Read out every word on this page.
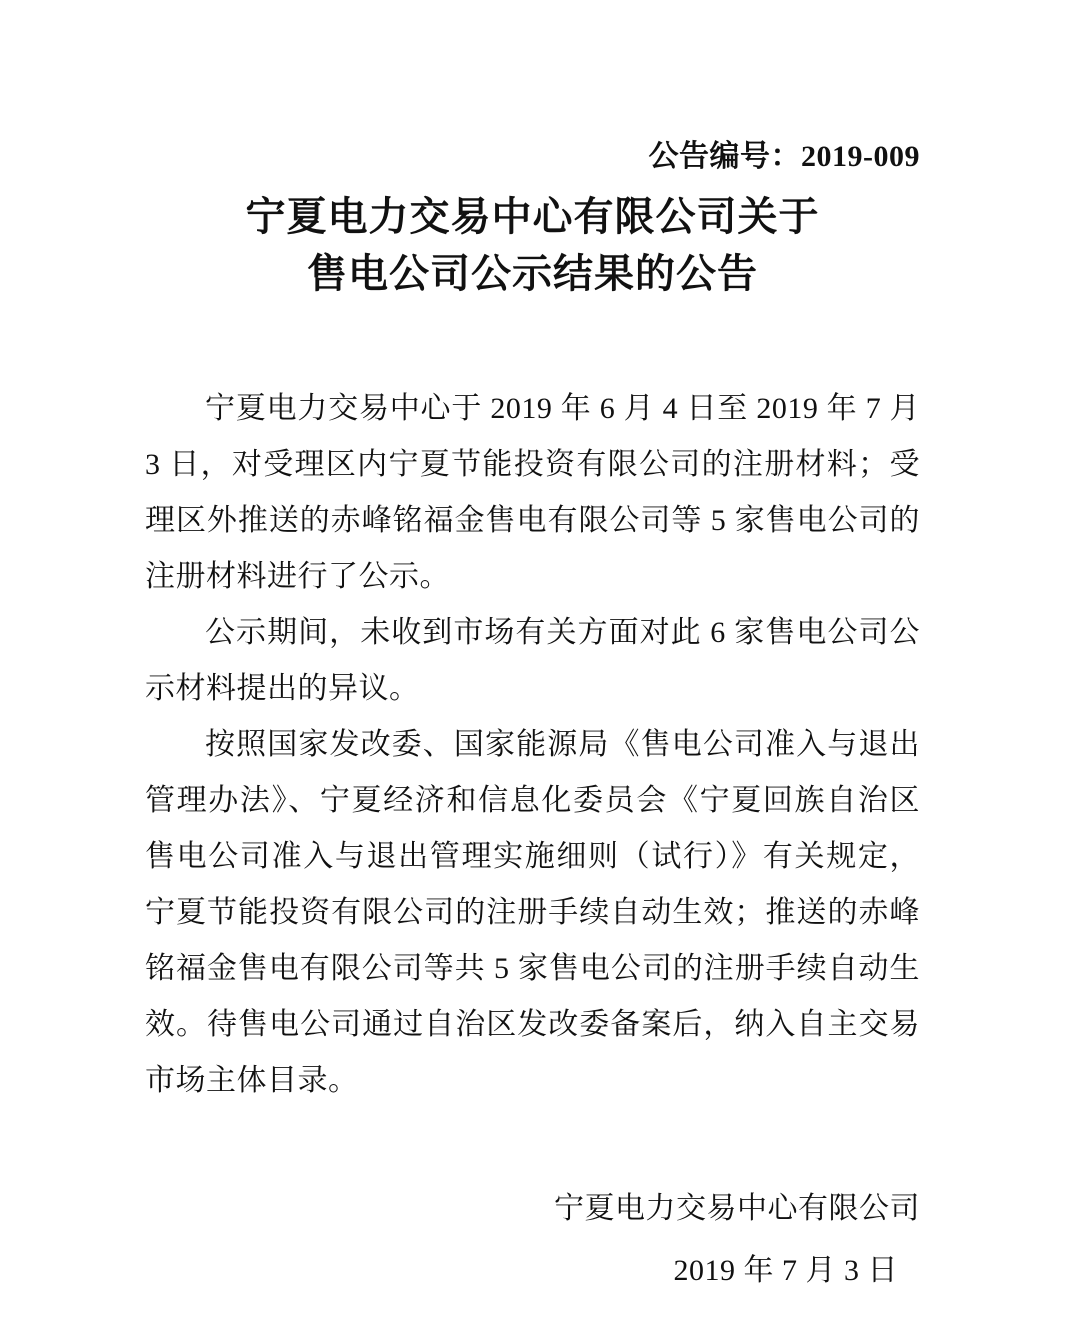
公告编号：2019-009
宁夏电力交易中心有限公司关于
售电公司公示结果的公告

宁夏电力交易中心于 2019 年 6 月 4 日至 2019 年 7 月 3 日，对受理区内宁夏节能投资有限公司的注册材料；受理区外推送的赤峰铭福金售电有限公司等 5 家售电公司的注册材料进行了公示。

公示期间，未收到市场有关方面对此 6 家售电公司公示材料提出的异议。

按照国家发改委、国家能源局《售电公司准入与退出管理办法》、宁夏经济和信息化委员会《宁夏回族自治区售电公司准入与退出管理实施细则（试行）》有关规定，宁夏节能投资有限公司的注册手续自动生效；推送的赤峰铭福金售电有限公司等共 5 家售电公司的注册手续自动生效。待售电公司通过自治区发改委备案后，纳入自主交易市场主体目录。

宁夏电力交易中心有限公司
2019 年 7 月 3 日
